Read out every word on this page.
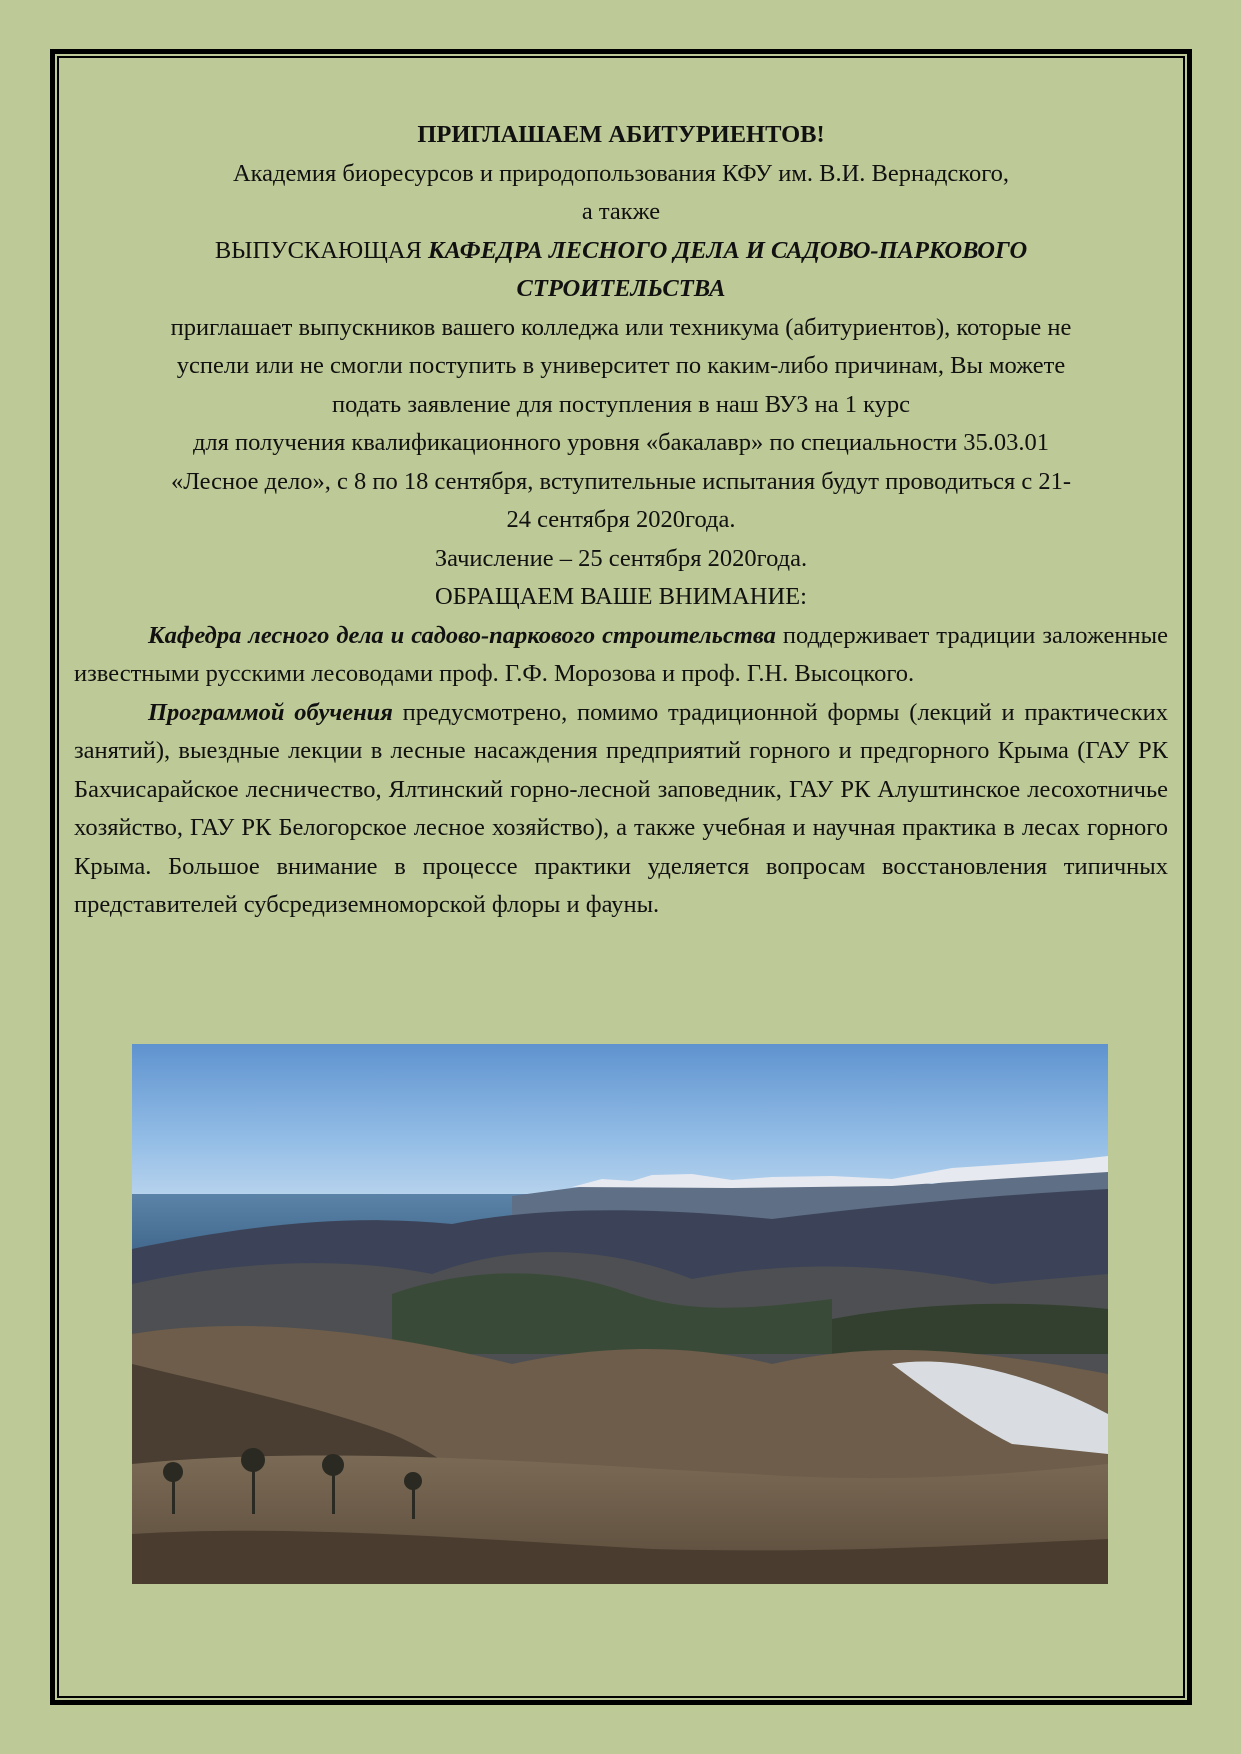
ПРИГЛАШАЕМ АБИТУРИЕНТОВ!
Академия биоресурсов и природопользования КФУ им. В.И. Вернадского,
а также
ВЫПУСКАЮЩАЯ КАФЕДРА ЛЕСНОГО ДЕЛА И САДОВО-ПАРКОВОГО
СТРОИТЕЛЬСТВА
приглашает выпускников вашего колледжа или техникума (абитуриентов), которые не
успели или не смогли поступить в университет по каким-либо причинам, Вы можете
подать заявление для поступления в наш ВУЗ на 1 курс
для получения квалификационного уровня «бакалавр» по специальности 35.03.01
«Лесное дело», с 8 по 18 сентября, вступительные испытания будут проводиться с 21-
24 сентября 2020года.
Зачисление – 25 сентября 2020года.
ОБРАЩАЕМ ВАШЕ ВНИМАНИЕ:
Кафедра лесного дела и садово-паркового строительства поддерживает традиции заложенные известными русскими лесоводами проф. Г.Ф. Морозова и проф. Г.Н. Высоцкого.
Программой обучения предусмотрено, помимо традиционной формы (лекций и практических занятий), выездные лекции в лесные насаждения предприятий горного и предгорного Крыма (ГАУ РК Бахчисарайское лесничество, Ялтинский горно-лесной заповедник, ГАУ РК Алуштинское лесохотничье хозяйство, ГАУ РК Белогорское лесное хозяйство), а также учебная и научная практика в лесах горного Крыма. Большое внимание в процессе практики уделяется вопросам восстановления типичных представителей субсредиземноморской флоры и фауны.
